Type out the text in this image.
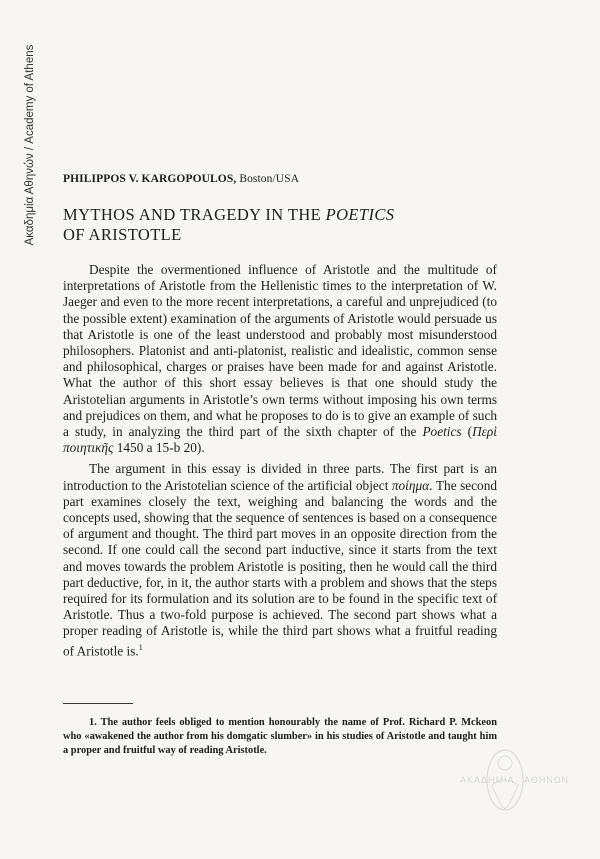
Ακαδημία Αθηνών / Academy of Athens PHILIPPOS V. KARGOPOULOS, Boston/USA
MYTHOS AND TRAGEDY IN THE POETICS
OF ARISTOTLE

Despite the overmentioned influence of Aristotle and the multitude of interpretations of Aristotle from the Hellenistic times to the interpretation of W. Jaeger and even to the more recent interpretations, a careful and unprejudiced (to the possible extent) examination of the arguments of Aristotle would persuade us that Aristotle is one of the least understood and probably most misunderstood philosophers. Platonist and anti-platonist, realistic and idealistic, common sense and philosophical, charges or praises have been made for and against Aristotle. What the author of this short essay believes is that one should study the Aristotelian arguments in Aristotle’s own terms without imposing his own terms and prejudices on them, and what he proposes to do is to give an example of such a study, in analyzing the third part of the sixth chapter of the Poetics (Περὶ ποιητικῆς 1450 a 15-b 20).

The argument in this essay is divided in three parts. The first part is an introduction to the Aristotelian science of the artificial object ποίημα. The second part examines closely the text, weighing and balancing the words and the concepts used, showing that the sequence of sentences is based on a consequence of argument and thought. The third part moves in an opposite direction from the second. If one could call the second part inductive, since it starts from the text and moves towards the problem Aristotle is positing, then he would call the third part deductive, for, in it, the author starts with a problem and shows that the steps required for its formulation and its solution are to be found in the specific text of Aristotle. Thus a two-fold purpose is achieved. The second part shows what a proper reading of Aristotle is, while the third part shows what a fruitful reading of Aristotle is.$^1$

1. The author feels obliged to mention honourably the name of Prof. Richard P. Mckeon who «awakened the author from his domgatic slumber» in his studies of Aristotle and taught him a proper and fruitful way of reading Aristotle.

ΑΚΑΔΗΜΙΑ ΑΘΗΝΩΝ
